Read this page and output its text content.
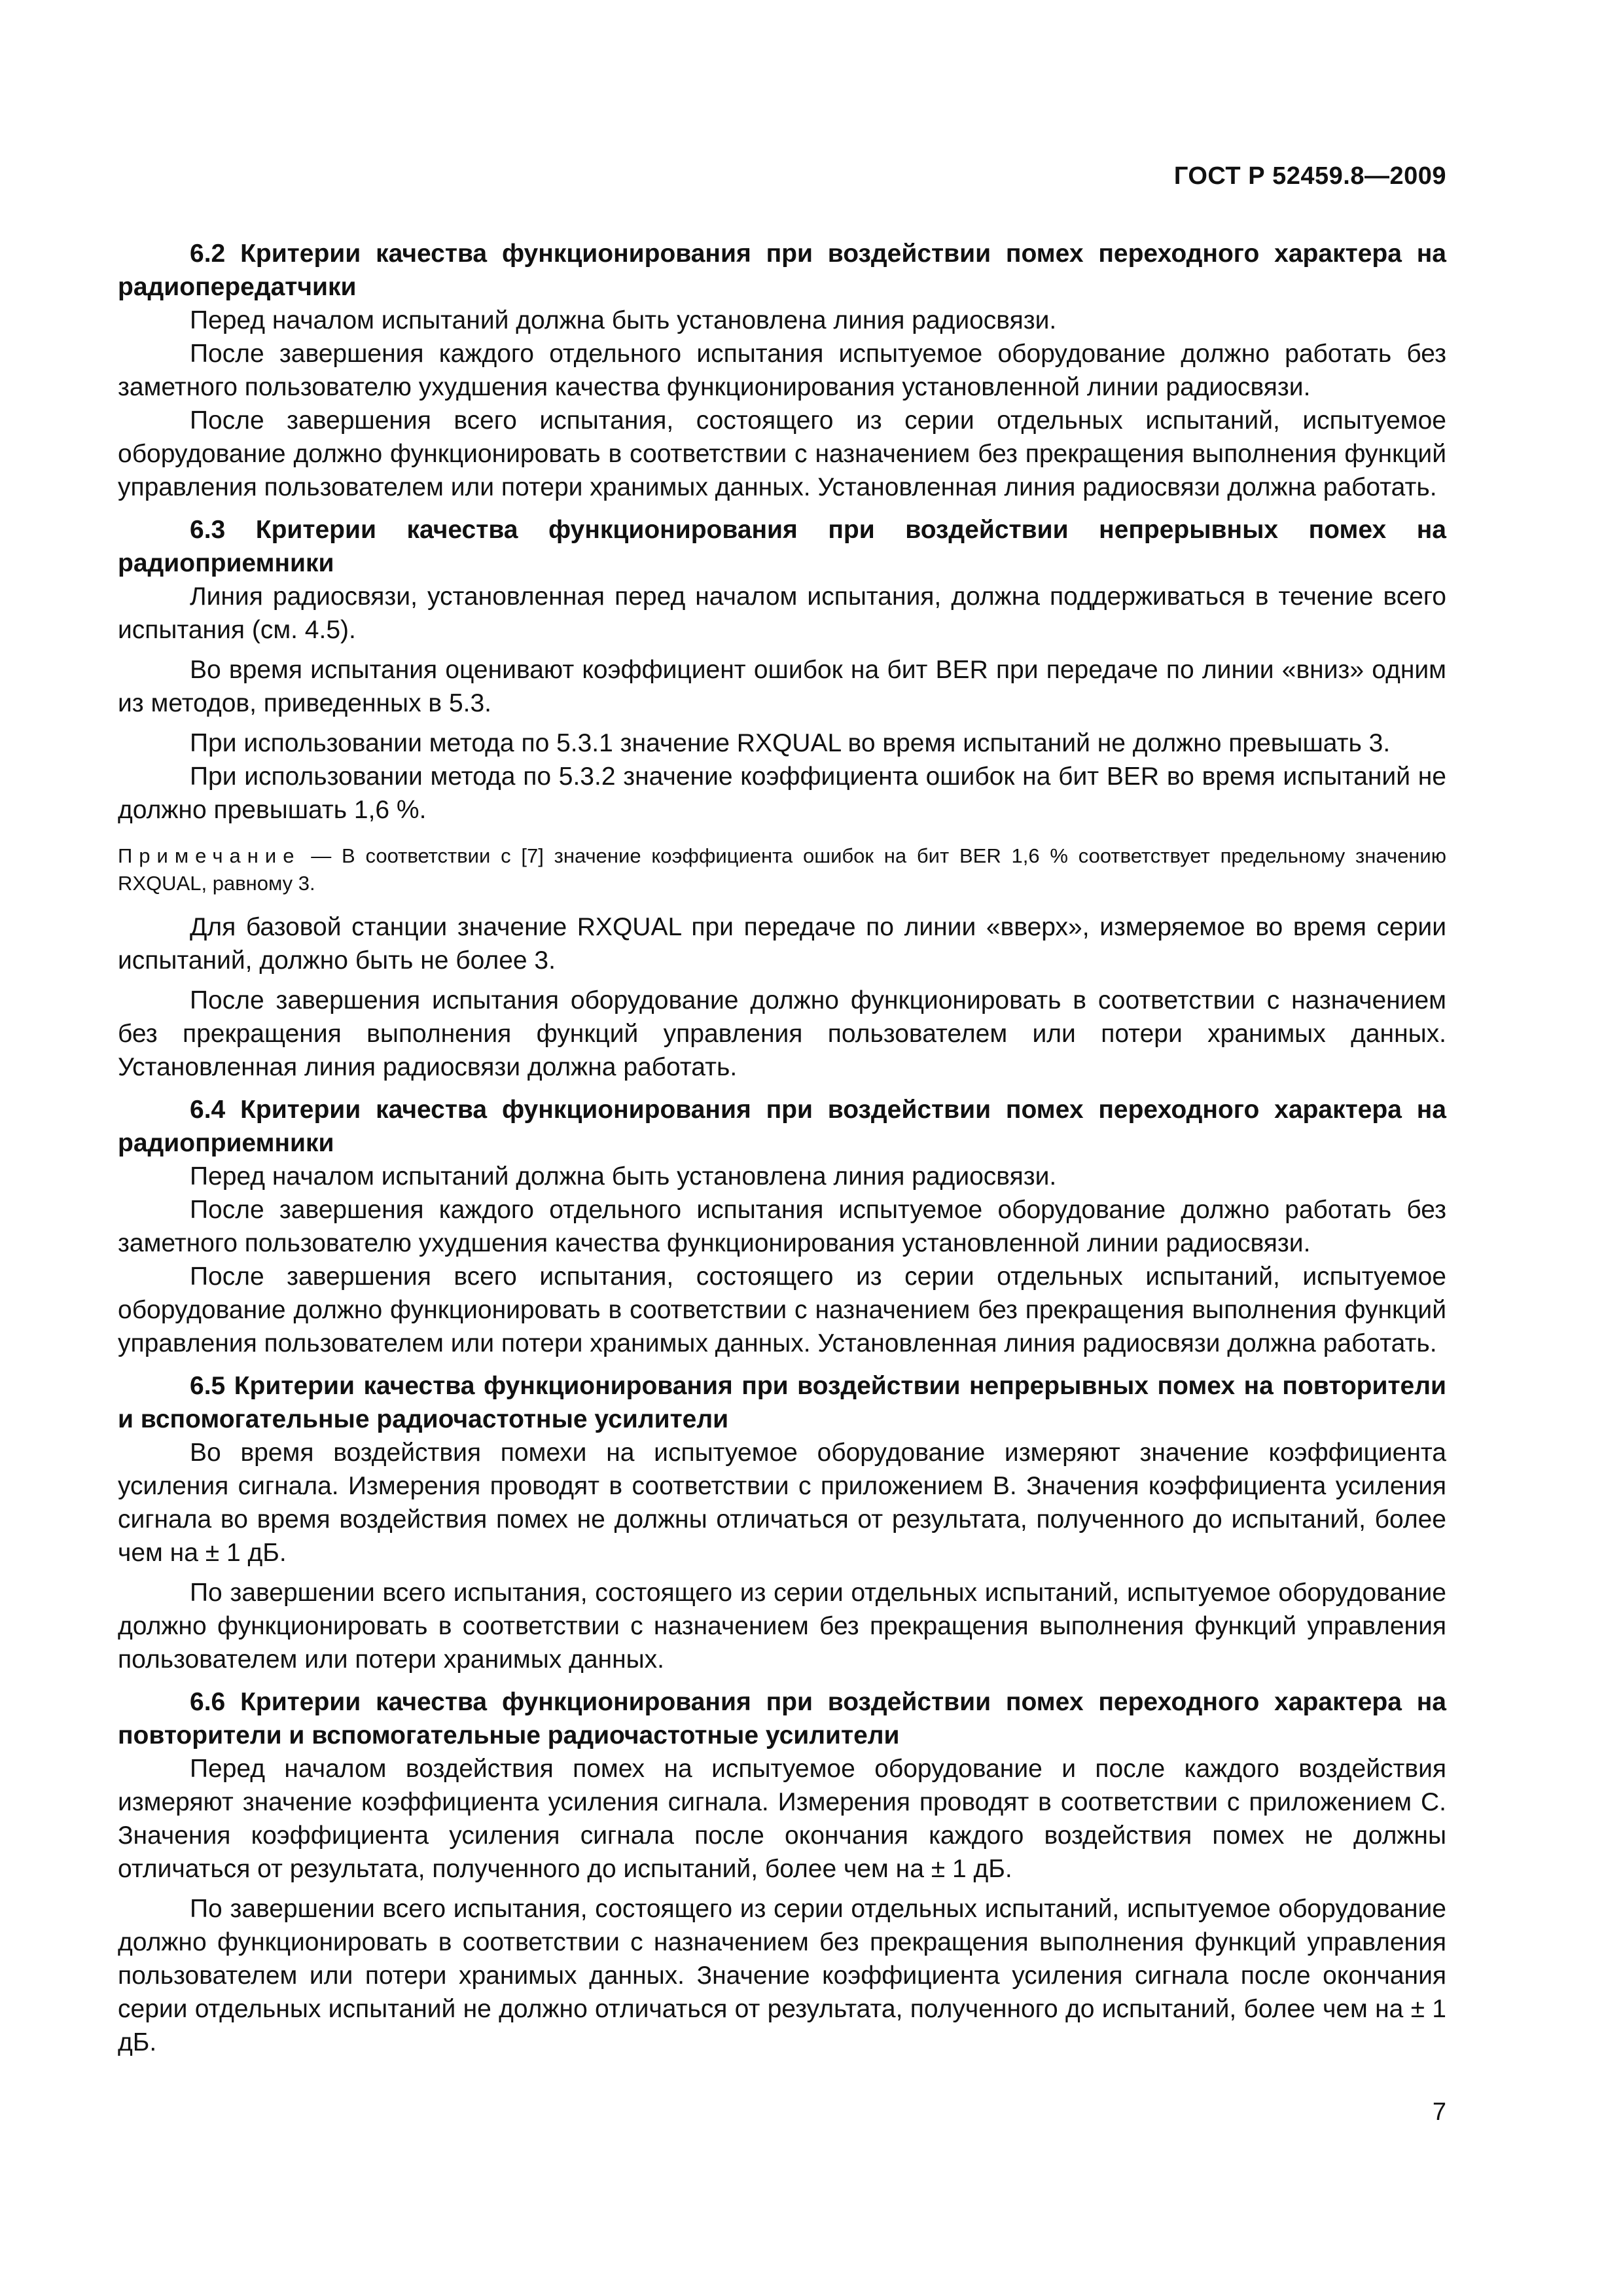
ГОСТ Р 52459.8—2009
6.2 Критерии качества функционирования при воздействии помех переходного характера на радиопередатчики

Перед началом испытаний должна быть установлена линия радиосвязи.

После завершения каждого отдельного испытания испытуемое оборудование должно работать без заметного пользователю ухудшения качества функционирования установленной линии радиосвязи.

После завершения всего испытания, состоящего из серии отдельных испытаний, испытуемое оборудование должно функционировать в соответствии с назначением без прекращения выполнения функций управления пользователем или потери хранимых данных. Установленная линия радиосвязи должна работать.

6.3 Критерии качества функционирования при воздействии непрерывных помех на радиоприемники

Линия радиосвязи, установленная перед началом испытания, должна поддерживаться в течение всего испытания (см. 4.5).

Во время испытания оценивают коэффициент ошибок на бит BER при передаче по линии «вниз» одним из методов, приведенных в 5.3.

При использовании метода по 5.3.1 значение RXQUAL во время испытаний не должно превышать 3.

При использовании метода по 5.3.2 значение коэффициента ошибок на бит BER во время испытаний не должно превышать 1,6 %.

Примечание — В соответствии с [7] значение коэффициента ошибок на бит BER 1,6 % соответствует предельному значению RXQUAL, равному 3.

Для базовой станции значение RXQUAL при передаче по линии «вверх», измеряемое во время серии испытаний, должно быть не более 3.

После завершения испытания оборудование должно функционировать в соответствии с назначением без прекращения выполнения функций управления пользователем или потери хранимых данных. Установленная линия радиосвязи должна работать.

6.4 Критерии качества функционирования при воздействии помех переходного характера на радиоприемники

Перед началом испытаний должна быть установлена линия радиосвязи.

После завершения каждого отдельного испытания испытуемое оборудование должно работать без заметного пользователю ухудшения качества функционирования установленной линии радиосвязи.

После завершения всего испытания, состоящего из серии отдельных испытаний, испытуемое оборудование должно функционировать в соответствии с назначением без прекращения выполнения функций управления пользователем или потери хранимых данных. Установленная линия радиосвязи должна работать.

6.5 Критерии качества функционирования при воздействии непрерывных помех на повторители и вспомогательные радиочастотные усилители

Во время воздействия помехи на испытуемое оборудование измеряют значение коэффициента усиления сигнала. Измерения проводят в соответствии с приложением В. Значения коэффициента усиления сигнала во время воздействия помех не должны отличаться от результата, полученного до испытаний, более чем на ± 1 дБ.

По завершении всего испытания, состоящего из серии отдельных испытаний, испытуемое оборудование должно функционировать в соответствии с назначением без прекращения выполнения функций управления пользователем или потери хранимых данных.

6.6 Критерии качества функционирования при воздействии помех переходного характера на повторители и вспомогательные радиочастотные усилители

Перед началом воздействия помех на испытуемое оборудование и после каждого воздействия измеряют значение коэффициента усиления сигнала. Измерения проводят в соответствии с приложением С. Значения коэффициента усиления сигнала после окончания каждого воздействия помех не должны отличаться от результата, полученного до испытаний, более чем на ± 1 дБ.

По завершении всего испытания, состоящего из серии отдельных испытаний, испытуемое оборудование должно функционировать в соответствии с назначением без прекращения выполнения функций управления пользователем или потери хранимых данных. Значение коэффициента усиления сигнала после окончания серии отдельных испытаний не должно отличаться от результата, полученного до испытаний, более чем на ± 1 дБ.

7
